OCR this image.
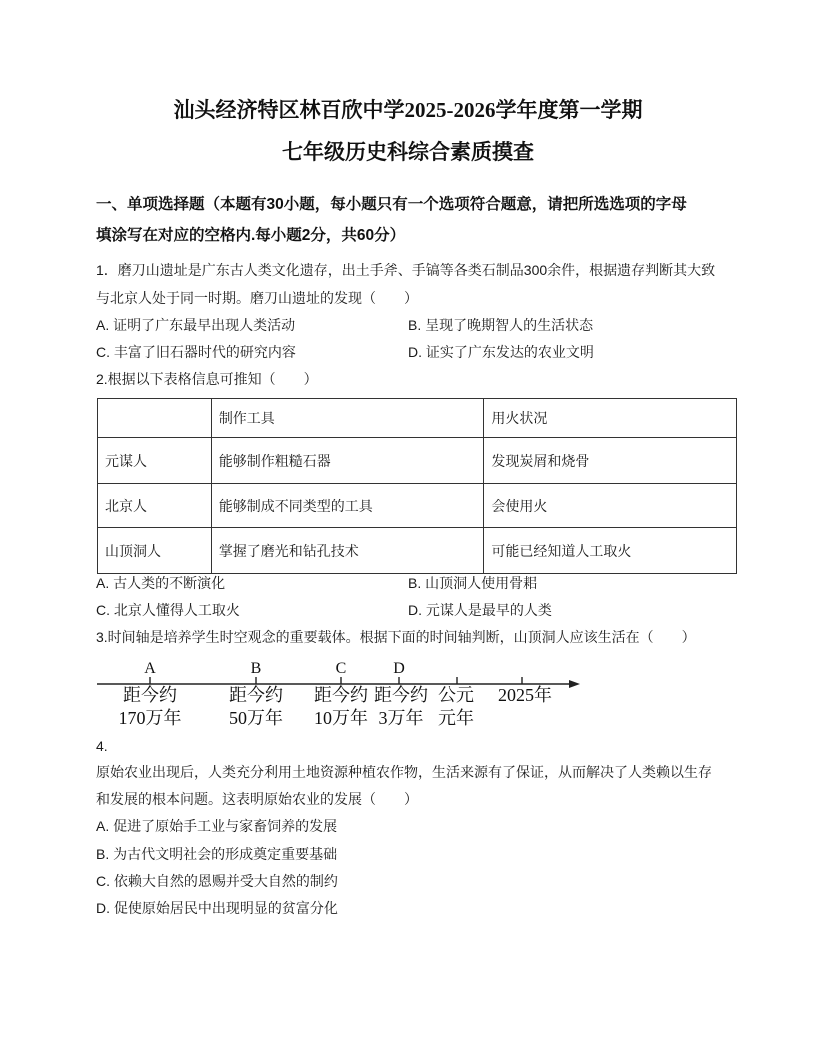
汕头经济特区林百欣中学2025-2026学年度第一学期
七年级历史科综合素质摸查
一、单项选择题（本题有30小题，每小题只有一个选项符合题意，请把所选选项的字母
填涂写在对应的空格内.每小题2分，共60分）
1．磨刀山遗址是广东古人类文化遗存，出土手斧、手镐等各类石制品300余件，根据遗存判断其大致
与北京人处于同一时期。磨刀山遗址的发现（　　）
A. 证明了广东最早出现人类活动	B. 呈现了晚期智人的生活状态
C. 丰富了旧石器时代的研究内容	D. 证实了广东发达的农业文明
2.根据以下表格信息可推知（　　）
	制作工具	用火状况
元谋人	能够制作粗糙石器	发现炭屑和烧骨
北京人	能够制成不同类型的工具	会使用火
山顶洞人	掌握了磨光和钻孔技术	可能已经知道人工取火
A. 古人类的不断演化	B. 山顶洞人使用骨耜
C. 北京人懂得人工取火	D. 元谋人是最早的人类
3.时间轴是培养学生时空观念的重要载体。根据下面的时间轴判断，山顶洞人应该生活在（　　）
A	B	C	D
距今约
170万年
距今约
50万年
距今约
10万年
距今约
3万年
公元
元年
2025年
4.
原始农业出现后，人类充分利用土地资源种植农作物，生活来源有了保证，从而解决了人类赖以生存
和发展的根本问题。这表明原始农业的发展（　　）
A. 促进了原始手工业与家畜饲养的发展
B. 为古代文明社会的形成奠定重要基础
C. 依赖大自然的恩赐并受大自然的制约
D. 促使原始居民中出现明显的贫富分化
